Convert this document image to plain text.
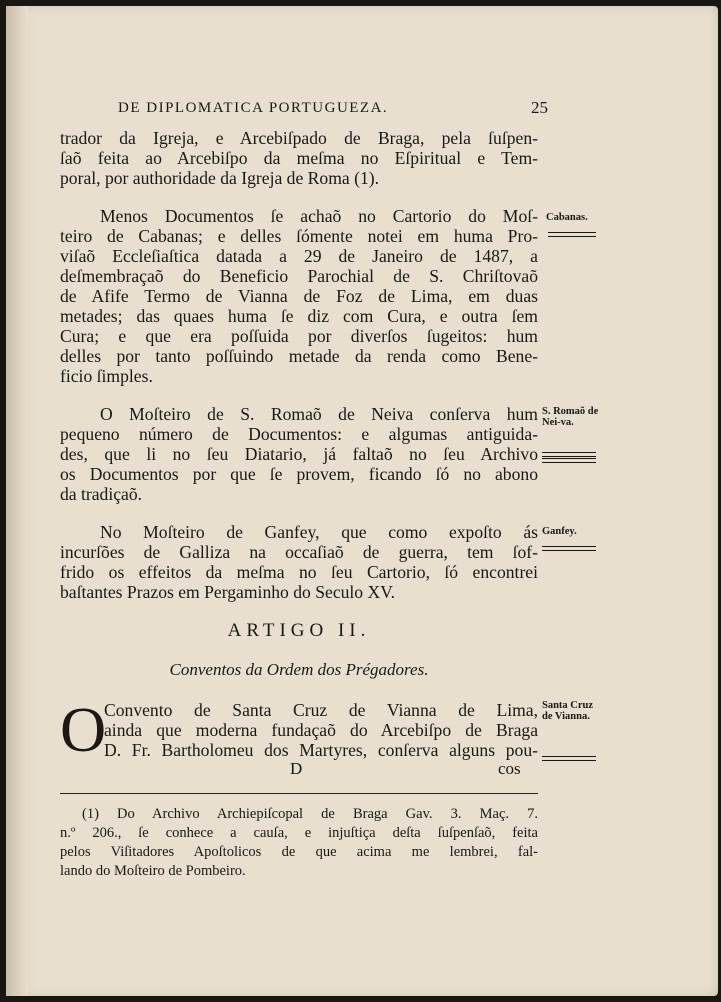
DE DIPLOMATICA PORTUGUEZA.	25
trador da Igreja, e Arcebiſpado de Braga, pela ſuſpen-
ſaõ feita ao Arcebiſpo da meſma no Eſpiritual e Tem-
poral, por authoridade da Igreja de Roma (1).
Menos Documentos ſe achaõ no Cartorio do Moſ-
teiro de Cabanas; e delles ſómente notei em huma Pro-
viſaõ Eccleſiaſtica datada a 29 de Janeiro de 1487, a
deſmembraçaõ do Beneficio Parochial de S. Chriſtovaõ
de Afife Termo de Vianna de Foz de Lima, em duas
metades; das quaes huma ſe diz com Cura, e outra ſem
Cura; e que era poſſuida por diverſos ſugeitos: hum
delles por tanto poſſuindo metade da renda como Bene-
ficio ſimples.
O Moſteiro de S. Romaõ de Neiva conſerva hum
pequeno número de Documentos: e algumas antiguida-
des, que li no ſeu Diatario, já faltaõ no ſeu Archivo
os Documentos por que ſe provem, ficando ſó no abono
da tradiçaõ.
No Moſteiro de Ganfey, que como expoſto ás
incurſões de Galliza na occaſiaõ de guerra, tem ſof-
frido os effeitos da meſma no ſeu Cartorio, ſó encontrei
baſtantes Prazos em Pergaminho do Seculo XV.
ARTIGO II.
Conventos da Ordem dos Prégadores.
O
Convento de Santa Cruz de Vianna de Lima,
ainda que moderna fundaçaõ do Arcebiſpo de Braga
D. Fr. Bartholomeu dos Martyres, conſerva alguns pou-
D	cos
Cabanas.
S. Romaõ de Nei-va.
Ganfey.
Santa Cruz de Vianna.
(1) Do Archivo Archiepiſcopal de Braga Gav. 3. Maç. 7.
n.º 206., ſe conhece a cauſa, e injuſtiça deſta ſuſpenſaõ, feita
pelos Viſitadores Apoſtolicos de que acima me lembrei, fal-
lando do Moſteiro de Pombeiro.
